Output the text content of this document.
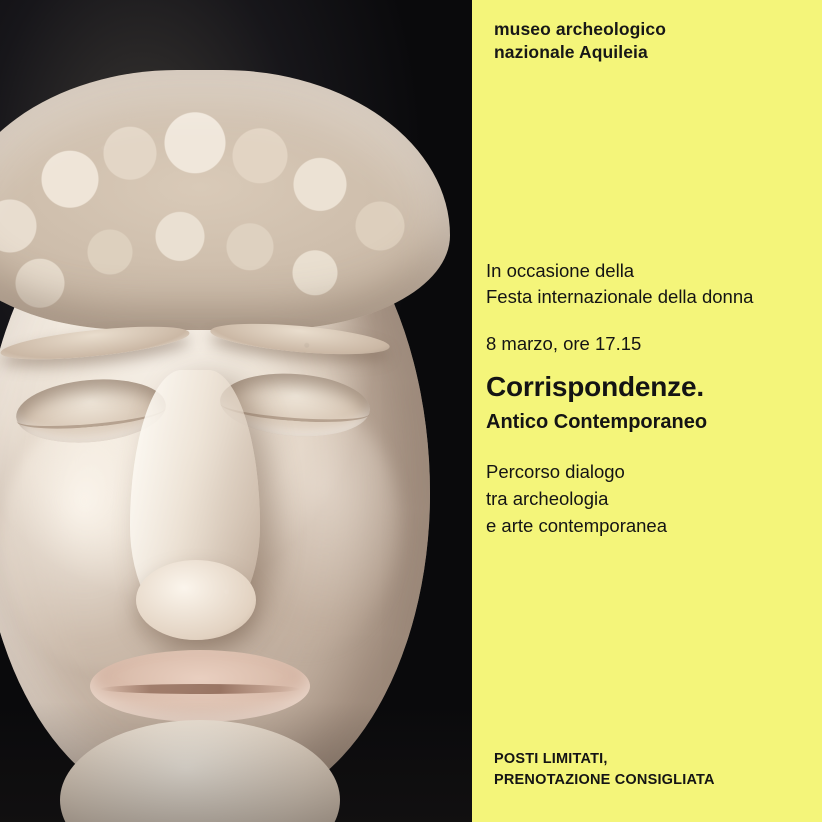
museo archeologico
nazionale Aquileia
In occasione della
Festa internazionale della donna
8 marzo, ore 17.15
Corrispondenze.
Antico Contemporaneo
Percorso dialogo
tra archeologia
e arte contemporanea
POSTI LIMITATI,
PRENOTAZIONE CONSIGLIATA
